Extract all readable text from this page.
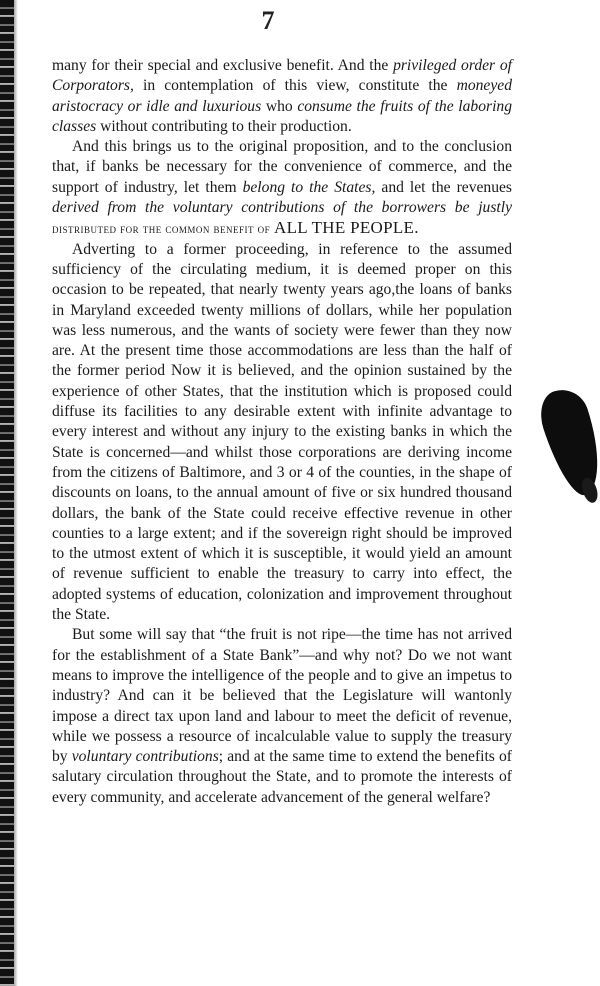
7

many for their special and exclusive benefit. And the privileged order of Corporators, in contemplation of this view, constitute the moneyed aristocracy or idle and luxurious who consume the fruits of the laboring classes without contributing to their production.

And this brings us to the original proposition, and to the conclusion that, if banks be necessary for the convenience of commerce, and the support of industry, let them belong to the States, and let the revenues derived from the voluntary contributions of the borrowers be justly distributed for the common benefit of ALL THE PEOPLE.

Adverting to a former proceeding, in reference to the assumed sufficiency of the circulating medium, it is deemed proper on this occasion to be repeated, that nearly twenty years ago,the loans of banks in Maryland exceeded twenty millions of dollars, while her population was less numerous, and the wants of society were fewer than they now are. At the present time those accommodations are less than the half of the former period Now it is believed, and the opinion sustained by the experience of other States, that the institution which is proposed could diffuse its facilities to any desirable extent with infinite advantage to every interest and without any injury to the existing banks in which the State is concerned—and whilst those corporations are deriving income from the citizens of Baltimore, and 3 or 4 of the counties, in the shape of discounts on loans, to the annual amount of five or six hundred thousand dollars, the bank of the State could receive effective revenue in other counties to a large extent; and if the sovereign right should be improved to the utmost extent of which it is susceptible, it would yield an amount of revenue sufficient to enable the treasury to carry into effect, the adopted systems of education, colonization and improvement throughout the State.

But some will say that “the fruit is not ripe—the time has not arrived for the establishment of a State Bank”—and why not? Do we not want means to improve the intelligence of the people and to give an impetus to industry? And can it be believed that the Legislature will wantonly impose a direct tax upon land and labour to meet the deficit of revenue, while we possess a resource of incalculable value to supply the treasury by voluntary contributions; and at the same time to extend the benefits of salutary circulation throughout the State, and to promote the interests of every community, and accelerate advancement of the general welfare?
